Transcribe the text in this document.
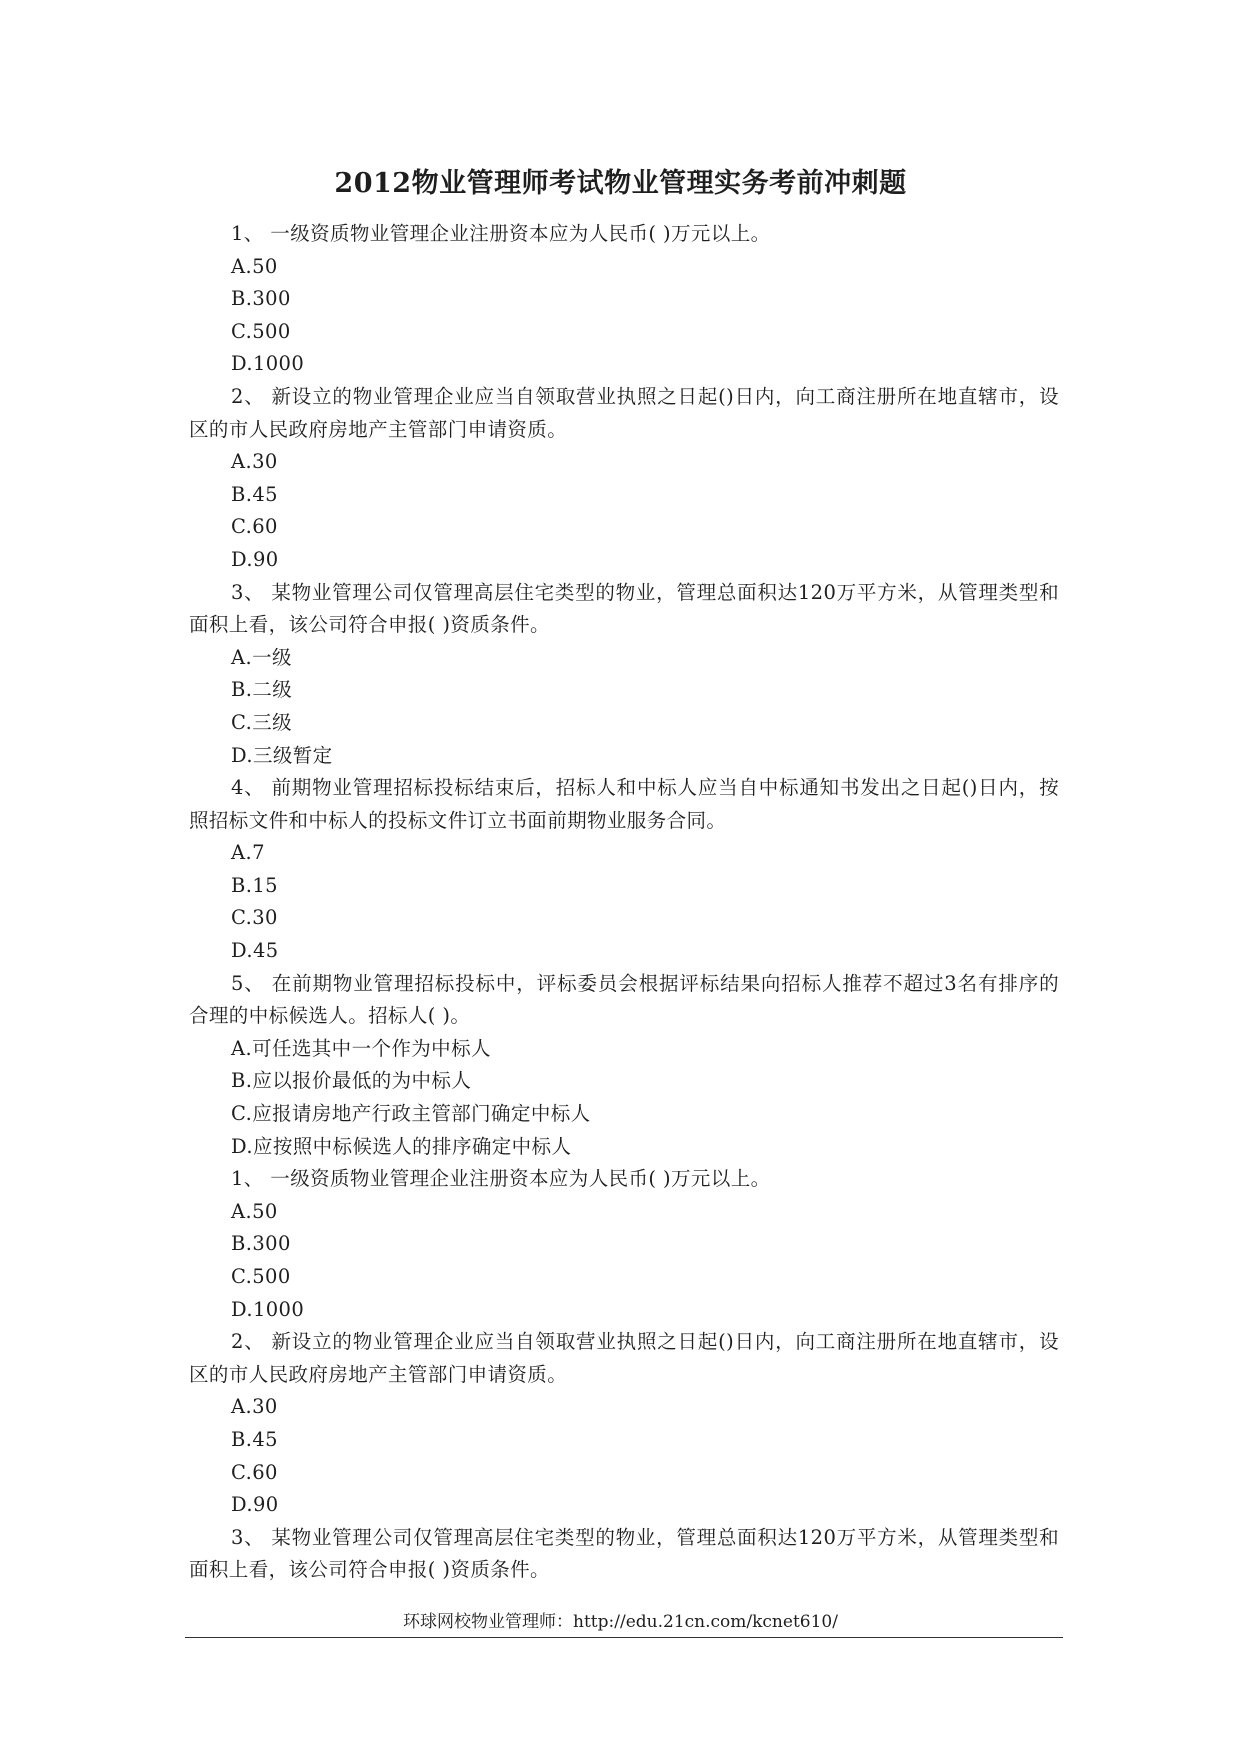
2012物业管理师考试物业管理实务考前冲刺题
1、 一级资质物业管理企业注册资本应为人民币( )万元以上。
A.50
B.300
C.500
D.1000
2、 新设立的物业管理企业应当自领取营业执照之日起()日内，向工商注册所在地直辖市，设区的市人民政府房地产主管部门申请资质。
A.30
B.45
C.60
D.90
3、 某物业管理公司仅管理高层住宅类型的物业，管理总面积达120万平方米，从管理类型和面积上看，该公司符合申报( )资质条件。
A.一级
B.二级
C.三级
D.三级暂定
4、 前期物业管理招标投标结束后，招标人和中标人应当自中标通知书发出之日起()日内，按照招标文件和中标人的投标文件订立书面前期物业服务合同。
A.7
B.15
C.30
D.45
5、 在前期物业管理招标投标中，评标委员会根据评标结果向招标人推荐不超过3名有排序的合理的中标候选人。招标人( )。
A.可任选其中一个作为中标人
B.应以报价最低的为中标人
C.应报请房地产行政主管部门确定中标人
D.应按照中标候选人的排序确定中标人
1、 一级资质物业管理企业注册资本应为人民币( )万元以上。
A.50
B.300
C.500
D.1000
2、 新设立的物业管理企业应当自领取营业执照之日起()日内，向工商注册所在地直辖市，设区的市人民政府房地产主管部门申请资质。
A.30
B.45
C.60
D.90
3、 某物业管理公司仅管理高层住宅类型的物业，管理总面积达120万平方米，从管理类型和面积上看，该公司符合申报( )资质条件。
环球网校物业管理师：http://edu.21cn.com/kcnet610/
